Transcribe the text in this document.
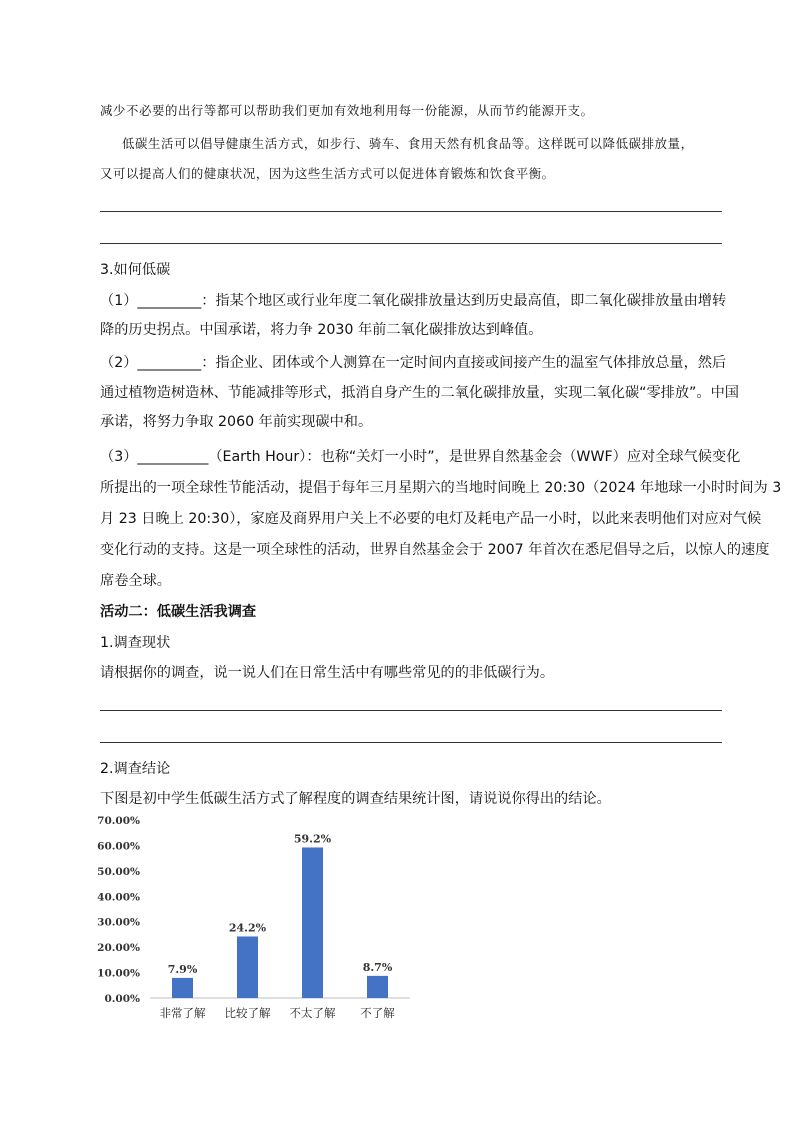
减少不必要的出行等都可以帮助我们更加有效地利用每一份能源，从而节约能源开支。
低碳生活可以倡导健康生活方式，如步行、骑车、食用天然有机食品等。这样既可以降低碳排放量，
又可以提高人们的健康状况，因为这些生活方式可以促进体育锻炼和饮食平衡。
3.如何低碳
（1）_________：指某个地区或行业年度二氧化碳排放量达到历史最高值，即二氧化碳排放量由增转
降的历史拐点。中国承诺，将力争 2030 年前二氧化碳排放达到峰值。
（2）_________：指企业、团体或个人测算在一定时间内直接或间接产生的温室气体排放总量，然后
通过植物造树造林、节能减排等形式，抵消自身产生的二氧化碳排放量，实现二氧化碳“零排放”。中国
承诺，将努力争取 2060 年前实现碳中和。
（3）__________（Earth Hour）：也称“关灯一小时”，是世界自然基金会（WWF）应对全球气候变化
所提出的一项全球性节能活动，提倡于每年三月星期六的当地时间晚上 20:30（2024 年地球一小时时间为 3
月 23 日晚上 20:30），家庭及商界用户关上不必要的电灯及耗电产品一小时，以此来表明他们对应对气候
变化行动的支持。这是一项全球性的活动，世界自然基金会于 2007 年首次在悉尼倡导之后，以惊人的速度
席卷全球。
活动二：低碳生活我调查
1.调查现状
请根据你的调查，说一说人们在日常生活中有哪些常见的的非低碳行为。
2.调查结论
下图是初中学生低碳生活方式了解程度的调查结果统计图，请说说你得出的结论。
0.00%
10.00%
20.00%
30.00%
40.00%
50.00%
60.00%
70.00%
7.9%
非常了解
24.2%
比较了解
59.2%
不太了解
8.7%
不了解
